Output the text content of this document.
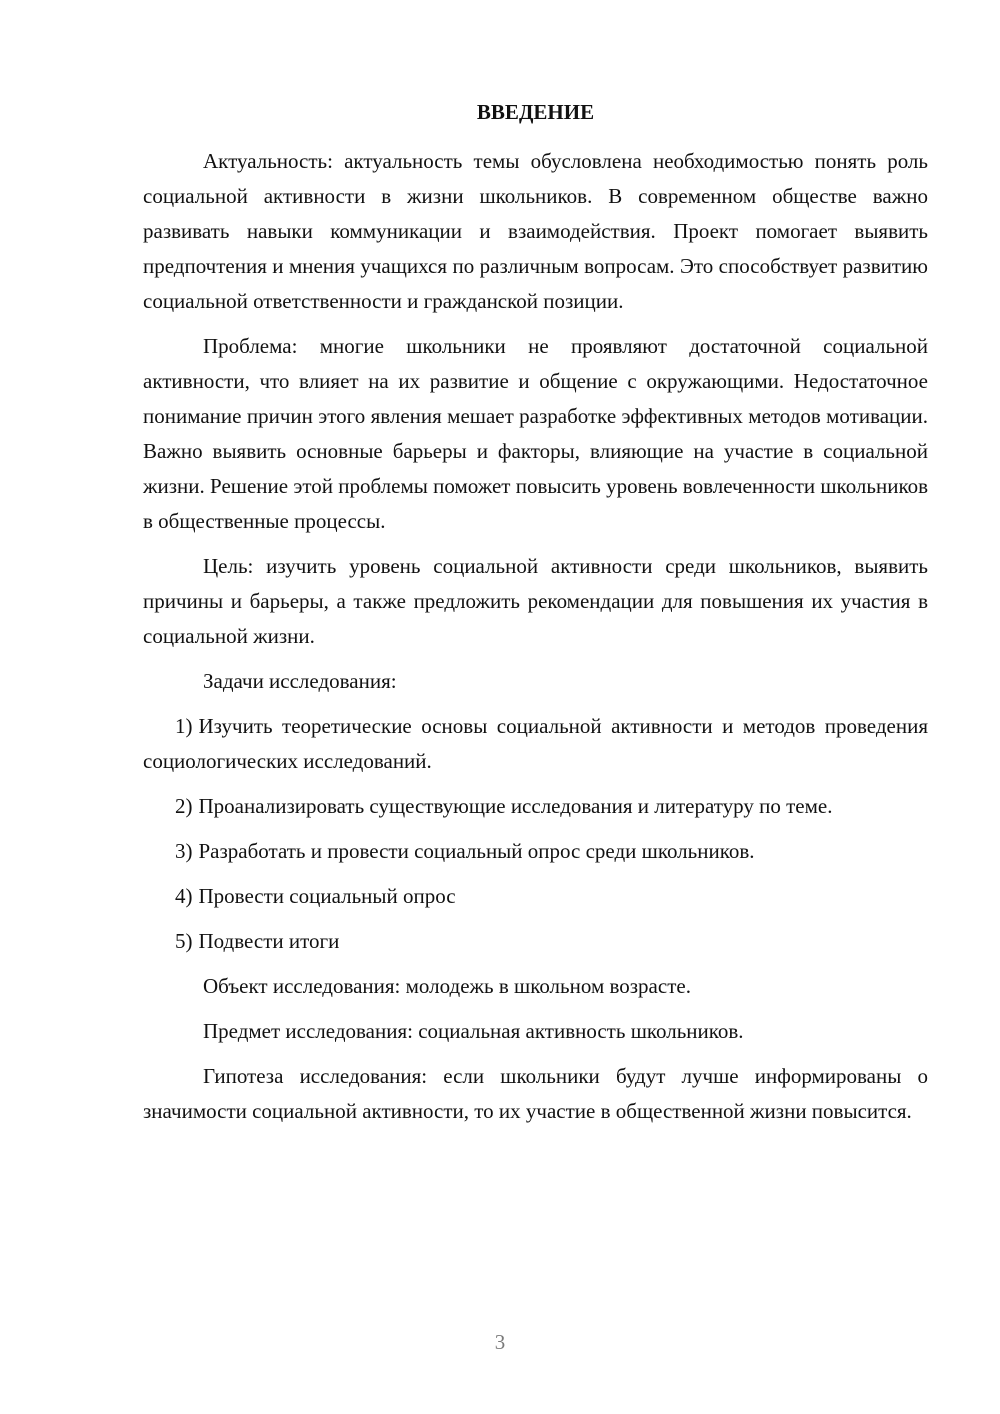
ВВЕДЕНИЕ

Актуальность: актуальность темы обусловлена необходимостью понять роль социальной активности в жизни школьников. В современном обществе важно развивать навыки коммуникации и взаимодействия. Проект помогает выявить предпочтения и мнения учащихся по различным вопросам. Это способствует развитию социальной ответственности и гражданской позиции.

Проблема: многие школьники не проявляют достаточной социальной активности, что влияет на их развитие и общение с окружающими. Недостаточное понимание причин этого явления мешает разработке эффективных методов мотивации. Важно выявить основные барьеры и факторы, влияющие на участие в социальной жизни. Решение этой проблемы поможет повысить уровень вовлеченности школьников в общественные процессы.

Цель: изучить уровень социальной активности среди школьников, выявить причины и барьеры, а также предложить рекомендации для повышения их участия в социальной жизни.

Задачи исследования:

1) Изучить теоретические основы социальной активности и методов проведения социологических исследований.

2) Проанализировать существующие исследования и литературу по теме.

3) Разработать и провести социальный опрос среди школьников.

4) Провести социальный опрос

5) Подвести итоги

Объект исследования: молодежь в школьном возрасте.

Предмет исследования: социальная активность школьников.

Гипотеза исследования: если школьники будут лучше информированы о значимости социальной активности, то их участие в общественной жизни повысится.

3
